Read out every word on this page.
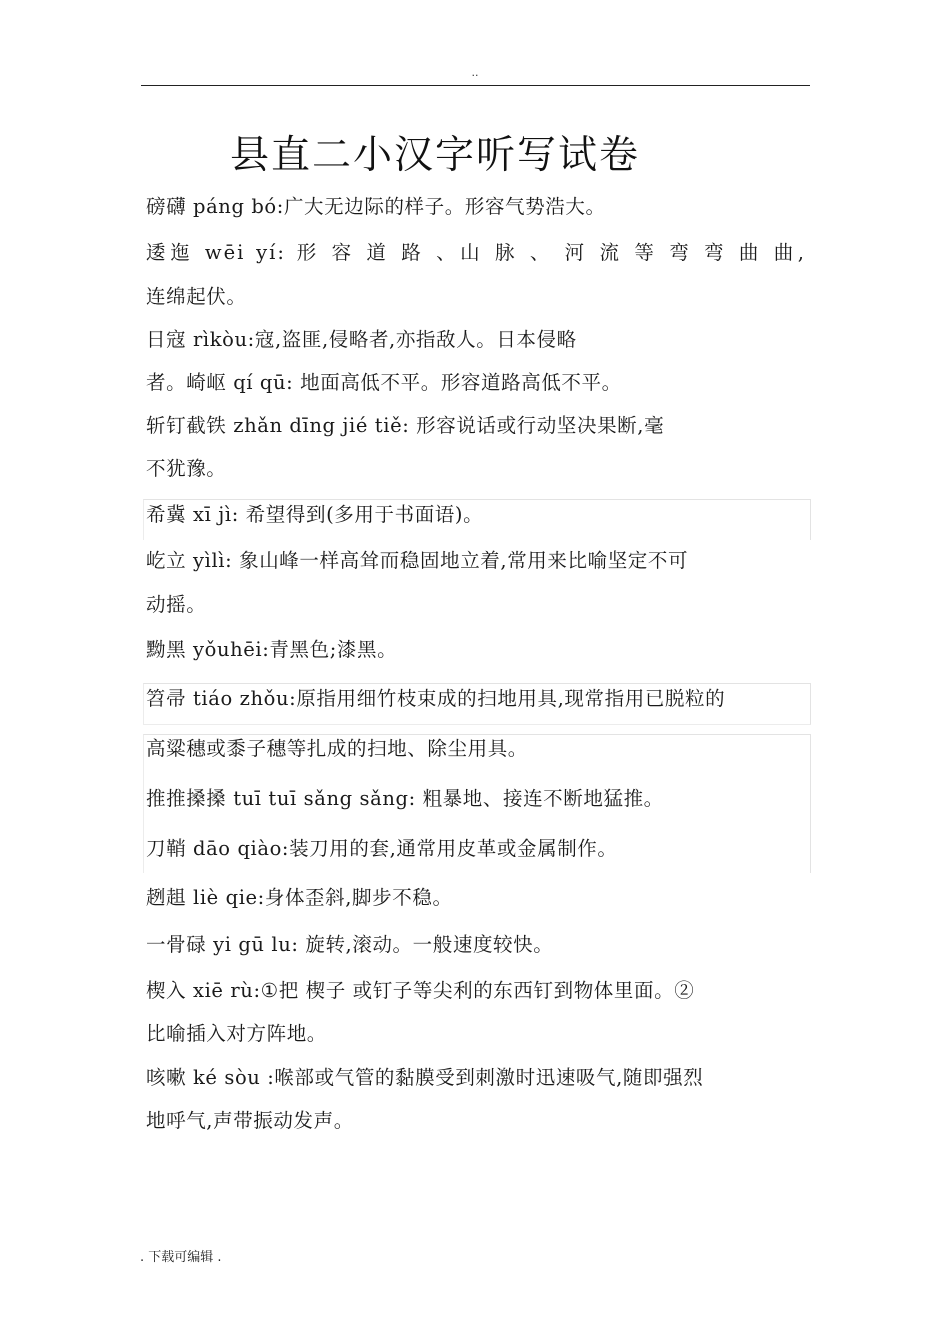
..
县直二小汉字听写试卷
磅礴 páng bó:广大无边际的样子。形容气势浩大。
逶迤 wēi yí: 形 容 道 路 、山 脉 、 河 流 等 弯 弯 曲 曲,
连绵起伏。
日寇 rìkòu:寇,盗匪,侵略者,亦指敌人。日本侵略
者。崎岖 qí qū: 地面高低不平。形容道路高低不平。
斩钉截铁 zhǎn dīng jié tiě: 形容说话或行动坚决果断,毫
不犹豫。
希冀 xī jì: 希望得到(多用于书面语)。
屹立 yìlì: 象山峰一样高耸而稳固地立着,常用来比喻坚定不可
动摇。
黝黑 yǒuhēi:青黑色;漆黑。
笤帚 tiáo zhǒu:原指用细竹枝束成的扫地用具,现常指用已脱粒的
高粱穗或黍子穗等扎成的扫地、除尘用具。
推推搡搡 tuī tuī sǎng sǎng: 粗暴地、接连不断地猛推。
刀鞘 dāo qiào:装刀用的套,通常用皮革或金属制作。
趔趄 liè qie:身体歪斜,脚步不稳。
一骨碌 yi gū lu: 旋转,滚动。一般速度较快。
楔入 xiē rù:①把 楔子 或钉子等尖利的东西钉到物体里面。②
比喻插入对方阵地。
咳嗽 ké sòu :喉部或气管的黏膜受到刺激时迅速吸气,随即强烈
地呼气,声带振动发声。
. 下载可编辑 .
